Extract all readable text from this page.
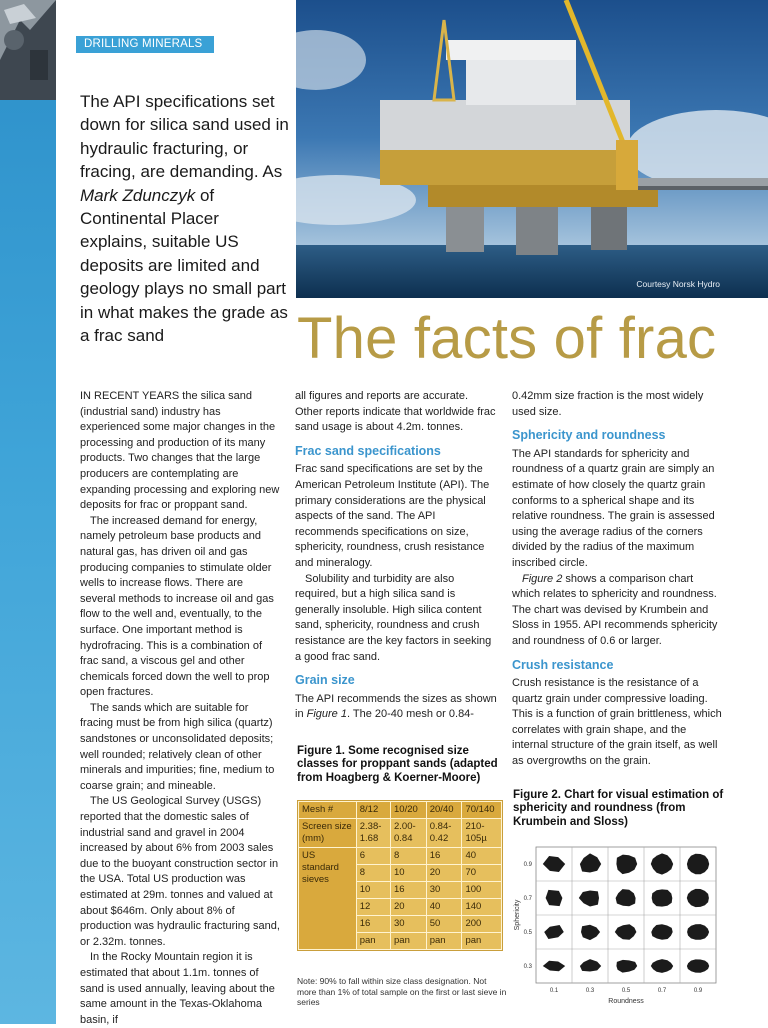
DRILLING MINERALS
The API specifications set down for silica sand used in hydraulic fracturing, or fracing, are demanding. As Mark Zdunczyk of Continental Placer explains, suitable US deposits are limited and geology plays no small part in what makes the grade as a frac sand
Courtesy Norsk Hydro
The facts of frac

IN RECENT YEARS the silica sand (industrial sand) industry has experienced some major changes in the processing and production of its many products. Two changes that the large producers are contemplating are expanding processing and exploring new deposits for frac or proppant sand.

The increased demand for energy, namely petroleum base products and natural gas, has driven oil and gas producing companies to stimulate older wells to increase flows. There are several methods to increase oil and gas flow to the well and, eventually, to the surface. One important method is hydrofracing. This is a combination of frac sand, a viscous gel and other chemicals forced down the well to prop open fractures.

The sands which are suitable for fracing must be from high silica (quartz) sandstones or unconsolidated deposits; well rounded; relatively clean of other minerals and impurities; fine, medium to coarse grain; and mineable.

The US Geological Survey (USGS) reported that the domestic sales of industrial sand and gravel in 2004 increased by about 6% from 2003 sales due to the buoyant construction sector in the USA. Total US production was estimated at 29m. tonnes and valued at about $646m. Only about 8% of production was hydraulic fracturing sand, or 2.32m. tonnes.

In the Rocky Mountain region it is estimated that about 1.1m. tonnes of sand is used annually, leaving about the same amount in the Texas-Oklahoma basin, if

all figures and reports are accurate. Other reports indicate that worldwide frac sand usage is about 4.2m. tonnes.

Frac sand specifications

Frac sand specifications are set by the American Petroleum Institute (API). The primary considerations are the physical aspects of the sand. The API recommends specifications on size, sphericity, roundness, crush resistance and mineralogy.

Solubility and turbidity are also required, but a high silica sand is generally insoluble. High silica content sand, sphericity, roundness and crush resistance are the key factors in seeking a good frac sand.

Grain size

The API recommends the sizes as shown in Figure 1. The 20-40 mesh or 0.84-

0.42mm size fraction is the most widely used size.

Sphericity and roundness

The API standards for sphericity and roundness of a quartz grain are simply an estimate of how closely the quartz grain conforms to a spherical shape and its relative roundness. The grain is assessed using the average radius of the corners divided by the radius of the maximum inscribed circle.

Figure 2 shows a comparison chart which relates to sphericity and roundness. The chart was devised by Krumbein and Sloss in 1955. API recommends sphericity and roundness of 0.6 or larger.

Crush resistance

Crush resistance is the resistance of a quartz grain under compressive loading. This is a function of grain brittleness, which correlates with grain shape, and the internal structure of the grain itself, as well as overgrowths on the grain.

Figure 1. Some recognised size classes for proppant sands (adapted from Hoagberg & Koerner-Moore)
Mesh #	8/12	10/20	20/40	70/140
Screen size (mm)	2.38-1.68	2.00-0.84	0.84-0.42	210-105µ
US standard sieves	6	8	16	40
	8	10	20	70
	10	16	30	100
	12	20	40	140
	16	30	50	200
	pan	pan	pan	pan
Note: 90% to fall within size class designation. Not more than 1% of total sample on the first or last sieve in series
Figure 2. Chart for visual estimation of sphericity and roundness (from Krumbein and Sloss)
0.1	0.3	0.5	0.7	0.9
0.9
0.7
0.5
0.3
Roundness
Sphericity
